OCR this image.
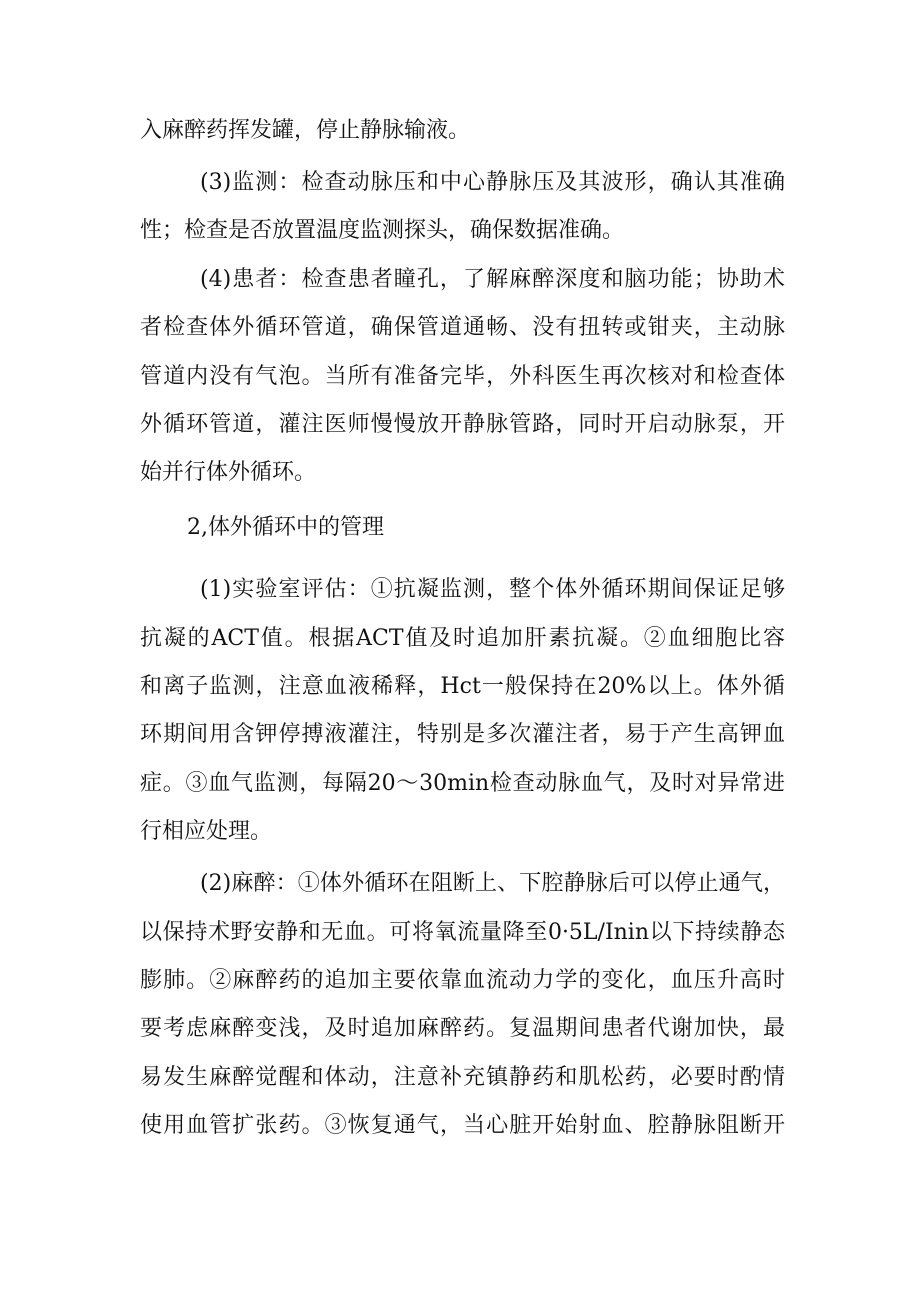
入麻醉药挥发罐，停止静脉输液。
(3)监测：检查动脉压和中心静脉压及其波形，确认其准确
性；检查是否放置温度监测探头，确保数据准确。
(4)患者：检查患者瞳孔，了解麻醉深度和脑功能；协助术
者检查体外循环管道，确保管道通畅、没有扭转或钳夹，主动脉
管道内没有气泡。当所有准备完毕，外科医生再次核对和检查体
外循环管道，灌注医师慢慢放开静脉管路，同时开启动脉泵，开
始并行体外循环。
2,体外循环中的管理
(1)实验室评估：①抗凝监测，整个体外循环期间保证足够
抗凝的ACT值。根据ACT值及时追加肝素抗凝。②血细胞比容
和离子监测，注意血液稀释，Hct一般保持在20%以上。体外循
环期间用含钾停搏液灌注，特别是多次灌注者，易于产生高钾血
症。③血气监测，每隔20～30min检查动脉血气，及时对异常进
行相应处理。
(2)麻醉：①体外循环在阻断上、下腔静脉后可以停止通气，
以保持术野安静和无血。可将氧流量降至0·5L/Inin以下持续静态
膨肺。②麻醉药的追加主要依靠血流动力学的变化，血压升高时
要考虑麻醉变浅，及时追加麻醉药。复温期间患者代谢加快，最
易发生麻醉觉醒和体动，注意补充镇静药和肌松药，必要时酌情
使用血管扩张药。③恢复通气，当心脏开始射血、腔静脉阻断开
